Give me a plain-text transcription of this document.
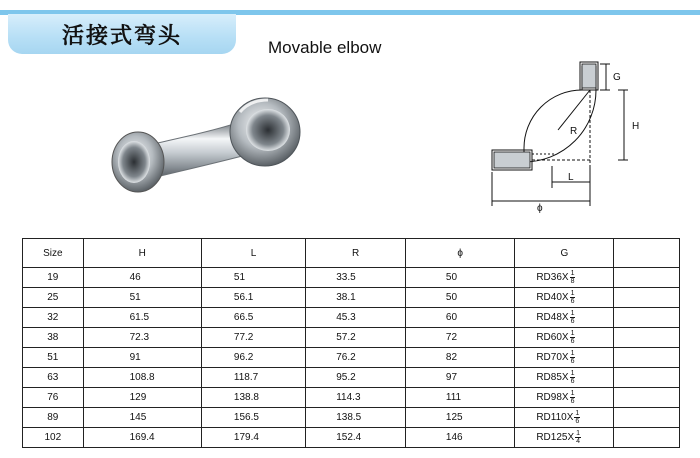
活接式弯头	Movable elbow
G
H
R
L
ϕ
Size	H	L	R	ϕ	G	
19	46	51	33.5	50	$RD36X \frac{1}{8}$

25	51	56.1	38.1	50	$RD40X \frac{1}{6}$

32	61.5	66.5	45.3	60	$RD48X \frac{1}{6}$

38	72.3	77.2	57.2	72	$RD60X \frac{1}{6}$

51	91	96.2	76.2	82	$RD70X \frac{1}{6}$

63	108.8	118.7	95.2	97	$RD85X \frac{1}{6}$

76	129	138.8	114.3	111	$RD98X \frac{1}{6}$

89	145	156.5	138.5	125	$RD110X \frac{1}{6}$

102	169.4	179.4	152.4	146	$RD125X \frac{1}{4}$
